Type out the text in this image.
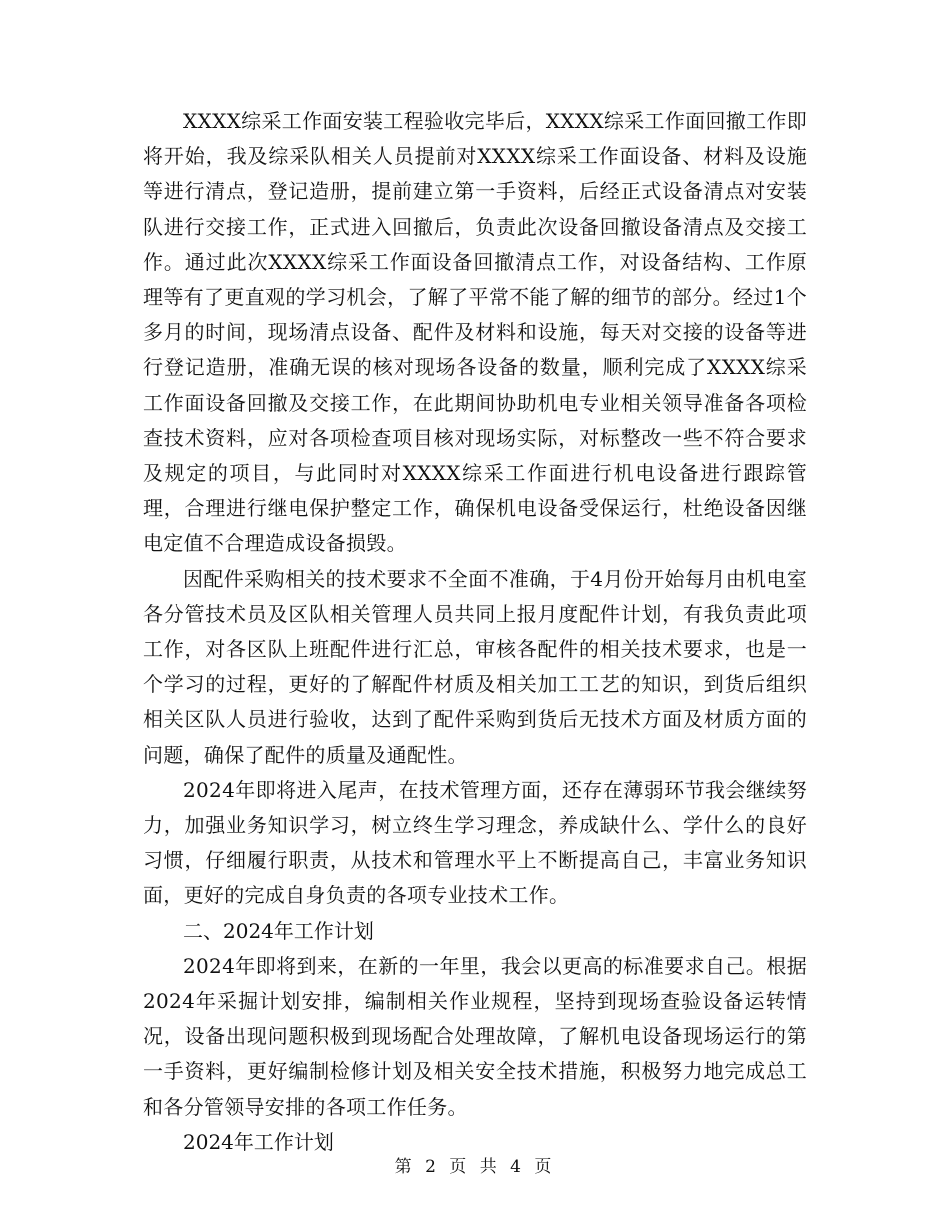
XXXX综采工作面安装工程验收完毕后，XXXX综采工作面回撤工作即将开始，我及综采队相关人员提前对XXXX综采工作面设备、材料及设施等进行清点，登记造册，提前建立第一手资料，后经正式设备清点对安装队进行交接工作，正式进入回撤后，负责此次设备回撤设备清点及交接工作。通过此次XXXX综采工作面设备回撤清点工作，对设备结构、工作原理等有了更直观的学习机会，了解了平常不能了解的细节的部分。经过1个多月的时间，现场清点设备、配件及材料和设施，每天对交接的设备等进行登记造册，准确无误的核对现场各设备的数量，顺利完成了XXXX综采工作面设备回撤及交接工作，在此期间协助机电专业相关领导准备各项检查技术资料，应对各项检查项目核对现场实际，对标整改一些不符合要求及规定的项目，与此同时对XXXX综采工作面进行机电设备进行跟踪管理，合理进行继电保护整定工作，确保机电设备受保运行，杜绝设备因继电定值不合理造成设备损毁。

因配件采购相关的技术要求不全面不准确，于4月份开始每月由机电室各分管技术员及区队相关管理人员共同上报月度配件计划，有我负责此项工作，对各区队上班配件进行汇总，审核各配件的相关技术要求，也是一个学习的过程，更好的了解配件材质及相关加工工艺的知识，到货后组织相关区队人员进行验收，达到了配件采购到货后无技术方面及材质方面的问题，确保了配件的质量及通配性。

2024年即将进入尾声，在技术管理方面，还存在薄弱环节我会继续努力，加强业务知识学习，树立终生学习理念，养成缺什么、学什么的良好习惯，仔细履行职责，从技术和管理水平上不断提高自己，丰富业务知识面，更好的完成自身负责的各项专业技术工作。

二、2024年工作计划

2024年即将到来，在新的一年里，我会以更高的标准要求自己。根据2024年采掘计划安排，编制相关作业规程，坚持到现场查验设备运转情况，设备出现问题积极到现场配合处理故障，了解机电设备现场运行的第一手资料，更好编制检修计划及相关安全技术措施，积极努力地完成总工和各分管领导安排的各项工作任务。

2024年工作计划

第 2 页 共 4 页
